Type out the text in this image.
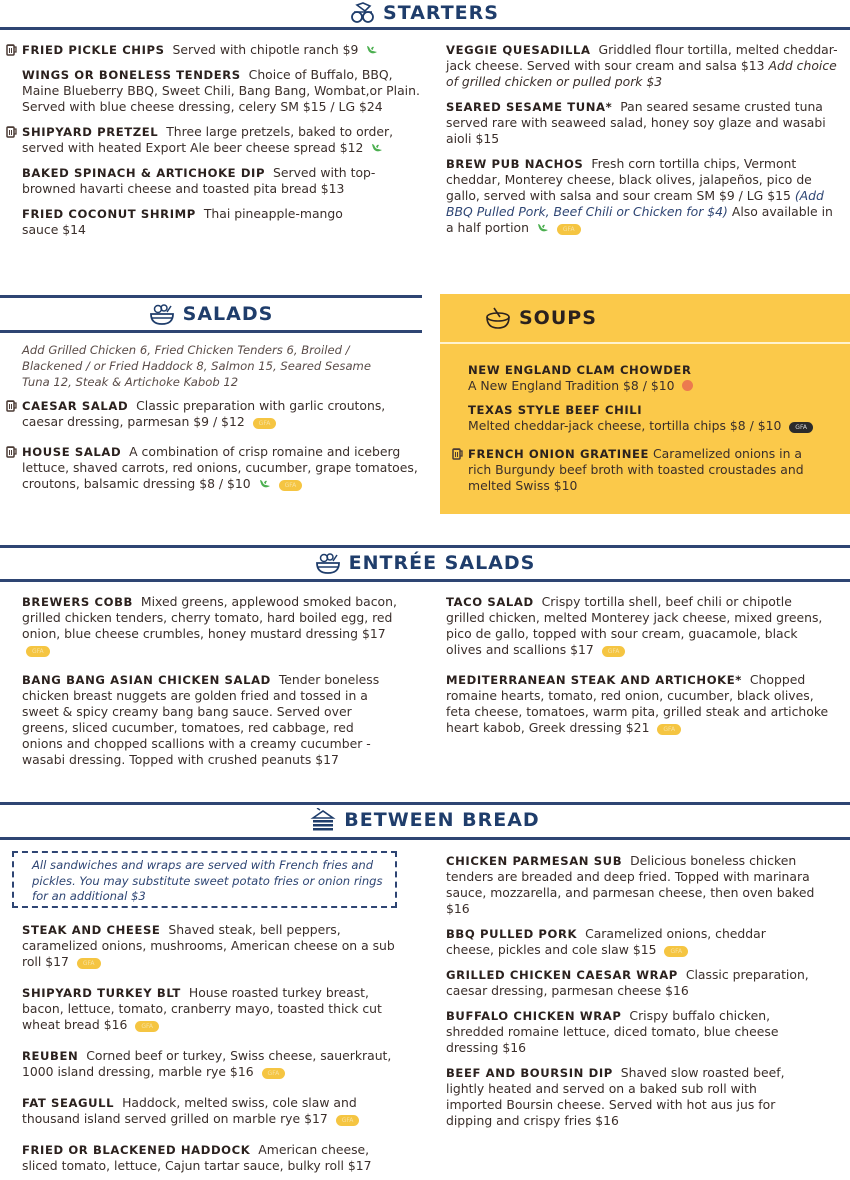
STARTERS
FRIED PICKLE CHIPS Served with chipotle ranch $9
WINGS OR BONELESS TENDERS Choice of Buffalo, BBQ, Maine Blueberry BBQ, Sweet Chili, Bang Bang, Wombat,or Plain. Served with blue cheese dressing, celery SM $15 / LG $24
SHIPYARD PRETZEL Three large pretzels, baked to order, served with heated Export Ale beer cheese spread $12
BAKED SPINACH & ARTICHOKE DIP Served with top-browned havarti cheese and toasted pita bread $13
FRIED COCONUT SHRIMP Thai pineapple-mango sauce $14
VEGGIE QUESADILLA Griddled flour tortilla, melted cheddar-jack cheese. Served with sour cream and salsa $13 Add choice of grilled chicken or pulled pork $3
SEARED SESAME TUNA* Pan seared sesame crusted tuna served rare with seaweed salad, honey soy glaze and wasabi aioli $15
BREW PUB NACHOS Fresh corn tortilla chips, Vermont cheddar, Monterey cheese, black olives, jalapeños, pico de gallo, served with salsa and sour cream SM $9 / LG $15 (Add BBQ Pulled Pork, Beef Chili or Chicken for $4) Also available in a half portion	GFA
SALADS
Add Grilled Chicken 6, Fried Chicken Tenders 6, Broiled / Blackened / or Fried Haddock 8, Salmon 15, Seared Sesame Tuna 12, Steak & Artichoke Kabob 12
CAESAR SALAD Classic preparation with garlic croutons, caesar dressing, parmesan $9 / $12 GFA
HOUSE SALAD A combination of crisp romaine and iceberg lettuce, shaved carrots, red onions, cucumber, grape tomatoes, croutons, balsamic dressing $8 / $10	GFA
SOUPS
NEW ENGLAND CLAM CHOWDER
A New England Tradition $8 / $10
TEXAS STYLE BEEF CHILI
Melted cheddar-jack cheese, tortilla chips $8 / $10 GFA
FRENCH ONION GRATINEE Caramelized onions in a rich Burgundy beef broth with toasted croustades and melted Swiss $10
ENTRÉE SALADS
BREWERS COBB Mixed greens, applewood smoked bacon, grilled chicken tenders, cherry tomato, hard boiled egg, red onion, blue cheese crumbles, honey mustard dressing $17 GFA
BANG BANG ASIAN CHICKEN SALAD Tender boneless chicken breast nuggets are golden fried and tossed in a sweet & spicy creamy bang bang sauce. Served over greens, sliced cucumber, tomatoes, red cabbage, red onions and chopped scallions with a creamy cucumber -wasabi dressing. Topped with crushed peanuts $17
TACO SALAD Crispy tortilla shell, beef chili or chipotle grilled chicken, melted Monterey jack cheese, mixed greens, pico de gallo, topped with sour cream, guacamole, black olives and scallions $17 GFA
MEDITERRANEAN STEAK AND ARTICHOKE* Chopped romaine hearts, tomato, red onion, cucumber, black olives, feta cheese, tomatoes, warm pita, grilled steak and artichoke heart kabob, Greek dressing $21 GFA
BETWEEN BREAD
All sandwiches and wraps are served with French fries and pickles. You may substitute sweet potato fries or onion rings for an additional $3
STEAK AND CHEESE Shaved steak, bell peppers, caramelized onions, mushrooms, American cheese on a sub roll $17 GFA
SHIPYARD TURKEY BLT House roasted turkey breast, bacon, lettuce, tomato, cranberry mayo, toasted thick cut wheat bread $16 GFA
REUBEN Corned beef or turkey, Swiss cheese, sauerkraut, 1000 island dressing, marble rye $16 GFA
FAT SEAGULL Haddock, melted swiss, cole slaw and thousand island served grilled on marble rye $17 GFA
FRIED OR BLACKENED HADDOCK American cheese, sliced tomato, lettuce, Cajun tartar sauce, bulky roll $17
CHICKEN PARMESAN SUB Delicious boneless chicken tenders are breaded and deep fried. Topped with marinara sauce, mozzarella, and parmesan cheese, then oven baked $16
BBQ PULLED PORK Caramelized onions, cheddar cheese, pickles and cole slaw $15 GFA
GRILLED CHICKEN CAESAR WRAP Classic preparation, caesar dressing, parmesan cheese $16
BUFFALO CHICKEN WRAP Crispy buffalo chicken, shredded romaine lettuce, diced tomato, blue cheese dressing $16
BEEF AND BOURSIN DIP Shaved slow roasted beef, lightly heated and served on a baked sub roll with imported Boursin cheese. Served with hot aus jus for dipping and crispy fries $16
